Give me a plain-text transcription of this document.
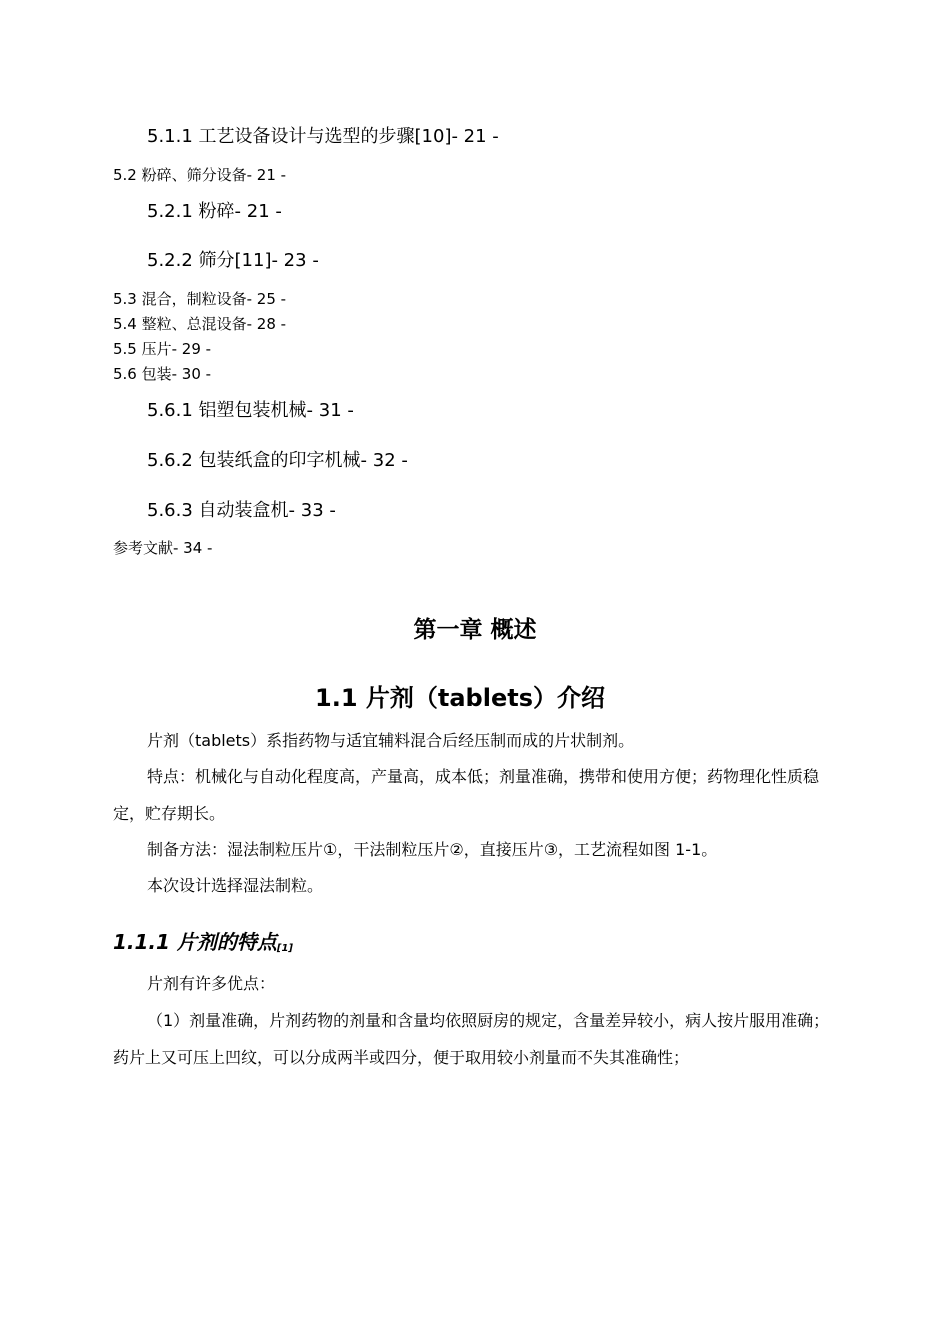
5.1.1 工艺设备设计与选型的步骤[10]- 21 -
5.2 粉碎、筛分设备- 21 -
5.2.1 粉碎- 21 -
5.2.2 筛分[11]- 23 -
5.3 混合，制粒设备- 25 -
5.4 整粒、总混设备- 28 -
5.5 压片- 29 -
5.6 包装- 30 -
5.6.1 铝塑包装机械- 31 -
5.6.2 包装纸盒的印字机械- 32 -
5.6.3 自动装盒机- 33 -
参考文献- 34 -
第一章 概述
1.1 片剂（tablets）介绍
片剂（tablets）系指药物与适宜辅料混合后经压制而成的片状制剂。
特点：机械化与自动化程度高，产量高，成本低；剂量准确，携带和使用方便；药物理化性质稳定，贮存期长。
制备方法：湿法制粒压片①，干法制粒压片②，直接压片③，工艺流程如图 1-1。
本次设计选择湿法制粒。
1.1.1 片剂的特点[1]
片剂有许多优点：
（1）剂量准确，片剂药物的剂量和含量均依照厨房的规定，含量差异较小，病人按片服用准确；药片上又可压上凹纹，可以分成两半或四分，便于取用较小剂量而不失其准确性；
